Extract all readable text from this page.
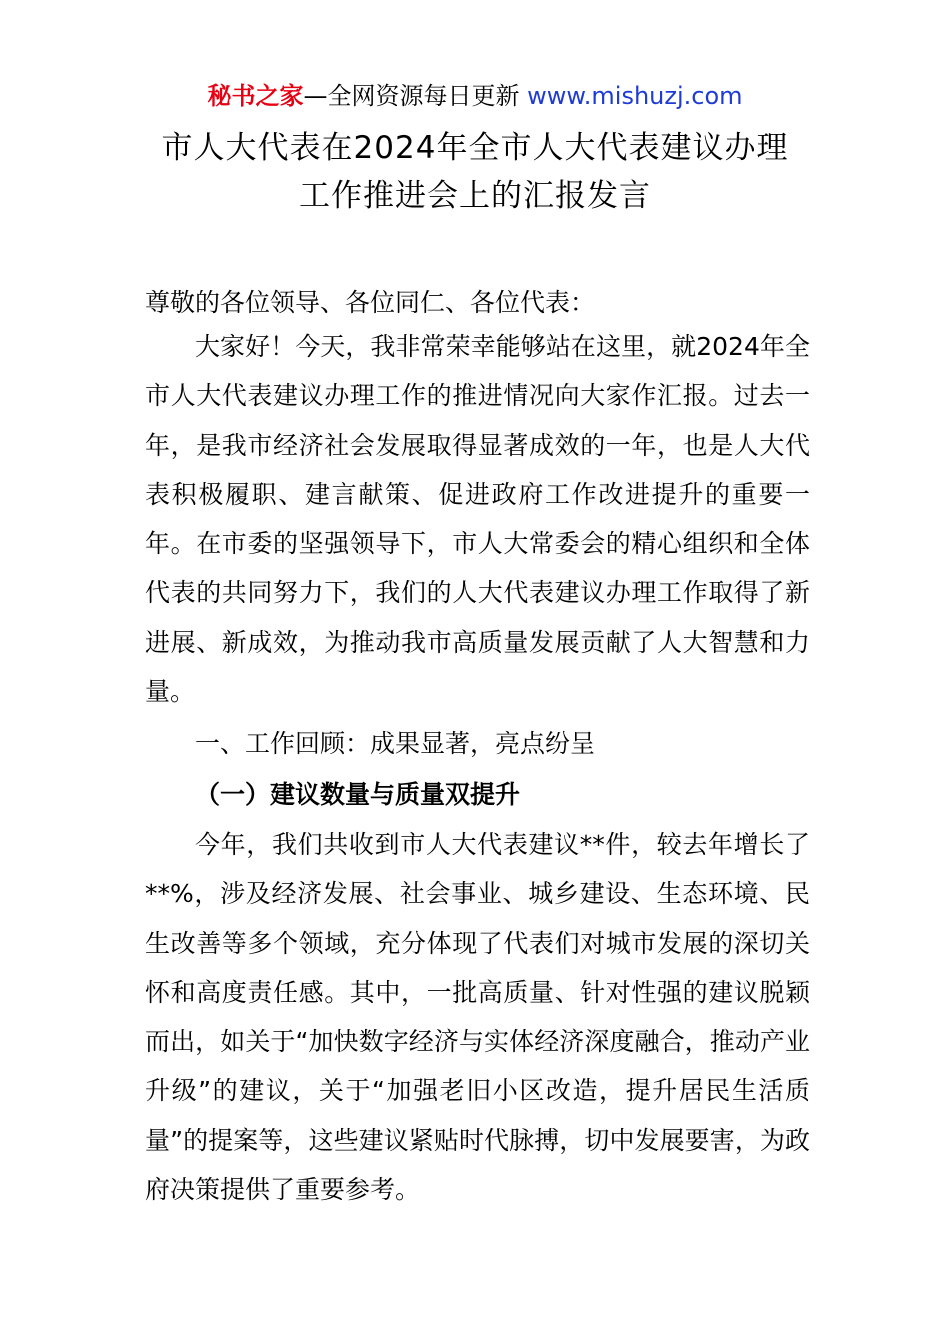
秘书之家—全网资源每日更新 www.mishuzj.com
市人大代表在2024年全市人大代表建议办理
工作推进会上的汇报发言
尊敬的各位领导、各位同仁、各位代表：
大家好！今天，我非常荣幸能够站在这里，就2024年全市人大代表建议办理工作的推进情况向大家作汇报。过去一年，是我市经济社会发展取得显著成效的一年，也是人大代表积极履职、建言献策、促进政府工作改进提升的重要一年。在市委的坚强领导下，市人大常委会的精心组织和全体代表的共同努力下，我们的人大代表建议办理工作取得了新进展、新成效，为推动我市高质量发展贡献了人大智慧和力量。
一、工作回顾：成果显著，亮点纷呈
（一）建议数量与质量双提升
今年，我们共收到市人大代表建议**件，较去年增长了**%，涉及经济发展、社会事业、城乡建设、生态环境、民生改善等多个领域，充分体现了代表们对城市发展的深切关怀和高度责任感。其中，一批高质量、针对性强的建议脱颖而出，如关于“加快数字经济与实体经济深度融合，推动产业升级”的建议，关于“加强老旧小区改造，提升居民生活质量”的提案等，这些建议紧贴时代脉搏，切中发展要害，为政府决策提供了重要参考。
